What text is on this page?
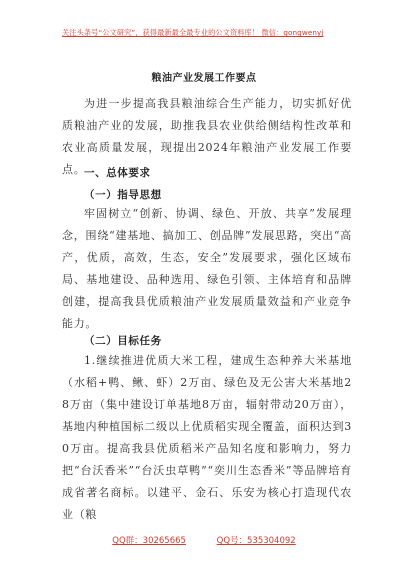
关注头条号“公文研究”，获得最新最全最专业的公文资料库！ 微信：gongwenyj
粮油产业发展工作要点
为进一步提高我县粮油综合生产能力，切实抓好优质粮油产业的发展，助推我县农业供给侧结构性改革和农业高质量发展，现提出2024年粮油产业发展工作要点。
一、总体要求
（一）指导思想
牢固树立“创新、协调、绿色、开放、共享”发展理念，围绕“建基地、搞加工、创品牌”发展思路，突出“高产，优质，高效，生态，安全”发展要求，强化区域布局、基地建设、品种选用、绿色引领、主体培育和品牌创建，提高我县优质粮油产业发展质量效益和产业竞争能力。
（二）目标任务
1.继续推进优质大米工程，建成生态种养大米基地（水稻+鸭、鳅、虾）2万亩、绿色及无公害大米基地28万亩（集中建设订单基地8万亩，辐射带动20万亩），基地内种植国标二级以上优质稻实现全覆盖，面积达到30万亩。提高我县优质稻米产品知名度和影响力，努力把“台沃香米”“台沃虫草鸭”“奕川生态香米”等品牌培育成省著名商标。以建平、金石、乐安为核心打造现代农业（粮
QQ群：30265665	QQ号：535304092
